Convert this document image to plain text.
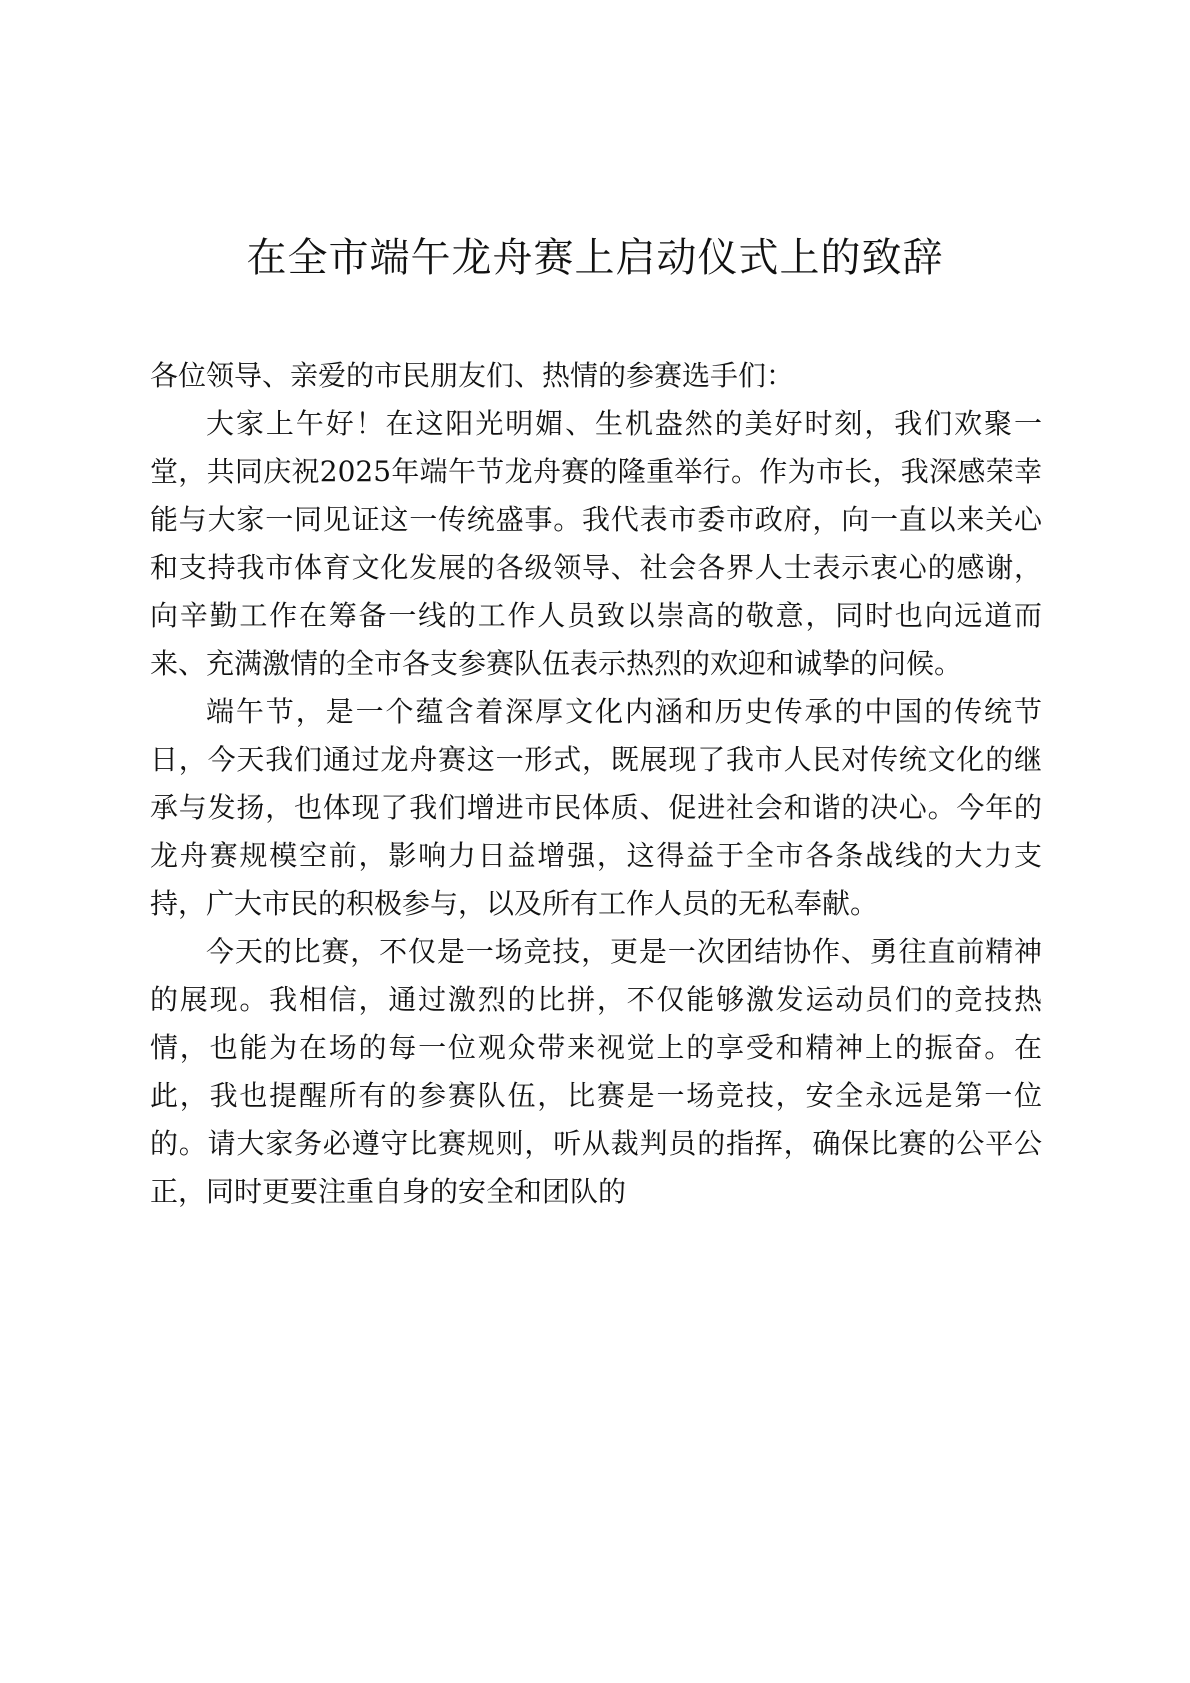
在全市端午龙舟赛上启动仪式上的致辞

各位领导、亲爱的市民朋友们、热情的参赛选手们：

大家上午好！在这阳光明媚、生机盎然的美好时刻，我们欢聚一堂，共同庆祝2025年端午节龙舟赛的隆重举行。作为市长，我深感荣幸能与大家一同见证这一传统盛事。我代表市委市政府，向一直以来关心和支持我市体育文化发展的各级领导、社会各界人士表示衷心的感谢，向辛勤工作在筹备一线的工作人员致以崇高的敬意，同时也向远道而来、充满激情的全市各支参赛队伍表示热烈的欢迎和诚挚的问候。

端午节，是一个蕴含着深厚文化内涵和历史传承的中国的传统节日，今天我们通过龙舟赛这一形式，既展现了我市人民对传统文化的继承与发扬，也体现了我们增进市民体质、促进社会和谐的决心。今年的龙舟赛规模空前，影响力日益增强，这得益于全市各条战线的大力支持，广大市民的积极参与，以及所有工作人员的无私奉献。

今天的比赛，不仅是一场竞技，更是一次团结协作、勇往直前精神的展现。我相信，通过激烈的比拼，不仅能够激发运动员们的竞技热情，也能为在场的每一位观众带来视觉上的享受和精神上的振奋。在此，我也提醒所有的参赛队伍，比赛是一场竞技，安全永远是第一位的。请大家务必遵守比赛规则，听从裁判员的指挥，确保比赛的公平公正，同时更要注重自身的安全和团队的
